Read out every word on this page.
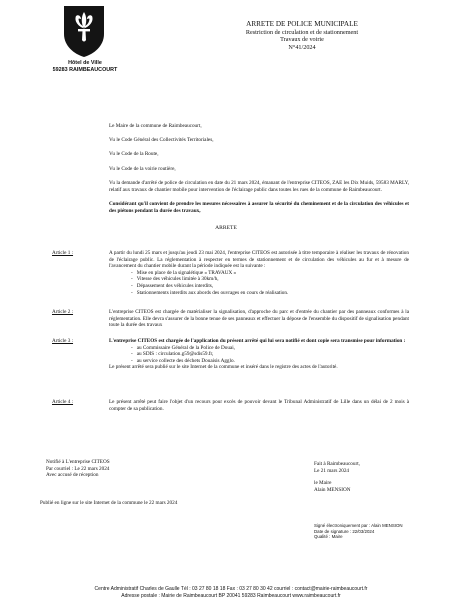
Hôtel de Ville
59283 RAIMBEAUCOURT
ARRETE DE POLICE MUNICIPALE
Restriction de circulation et de stationnement
Travaux de voirie
N°41/2024
Le Maire de la commune de Raimbeaucourt,
Vu le Code Général des Collectivités Territoriales,
Vu le Code de la Route,
Vu le Code de la voirie routière,
Vu la demande d'arrêté de police de circulation en date du 21 mars 2024, émanant de l'entreprise CITEOS, ZAE les Dix Muids, 59583 MARLY, relatif aux travaux de chantier mobile pour intervention de l'éclairage public dans toutes les rues de la commune de Raimbeaucourt.
Considérant qu'il convient de prendre les mesures nécessaires à assurer la sécurité du cheminement et de la circulation des véhicules et des piétons pendant la durée des travaux,
ARRETE
Article 1 :	A partir du lundi 25 mars et jusqu'au jeudi 23 mai 2024, l'entreprise CITEOS est autorisée à titre temporaire à réaliser les travaux de rénovation de l'éclairage public. La réglementation à respecter en termes de stationnement et de circulation des véhicules au fur et à mesure de l'avancement du chantier mobile durant la période indiquée est la suivante :
- Mise en place de la signalétique « TRAVAUX »
- Vitesse des véhicules limitée à 30km/h,
- Dépassement des véhicules interdits,
- Stationnements interdits aux abords des ouvrages en cours de réalisation.
Article 2 :	L'entreprise CITEOS est chargée de matérialiser la signalisation, d'approche du parc et d'entrée du chantier par des panneaux conformes à la réglementation. Elle devra s'assurer de la bonne tenue de ses panneaux et effectuer la dépose de l'ensemble du dispositif de signalisation pendant toute la durée des travaux
Article 3 :	L'entreprise CITEOS est chargée de l'application du présent arrêté qui lui sera notifié et dont copie sera transmise pour information :
- au Commissaire Général de la Police de Douai,
- au SDIS : circulation.g59@sdis59.fr,
- au service collecte des déchets Douaisis Agglo.
Le présent arrêté sera publié sur le site Internet de la commune et inséré dans le registre des actes de l'autorité.
Article 4 :	Le présent arrêté peut faire l'objet d'un recours pour excès de pouvoir devant le Tribunal Administratif de Lille dans un délai de 2 mois à compter de sa publication.
Notifié à L'entreprise CITEOS
Par courriel : Le 22 mars 2024
Avec accusé de réception
Fait à Raimbeaucourt,
Le 21 mars 2024
le Maire
Alain MENSION
Publié en ligne sur le site Internet de la commune le 22 mars 2024
Signé électroniquement par : Alain MENSION
Date de signature : 22/03/2024
Qualité : Maire
Centre Administratif Charles de Gaulle Tél : 03 27 80 18 18 Fax : 03 27 80 30 42 courriel : contact@mairie-raimbeaucourt.fr
Adresse postale : Mairie de Raimbeaucourt BP 20041 59283 Raimbeaucourt www.raimbeaucourt.fr
